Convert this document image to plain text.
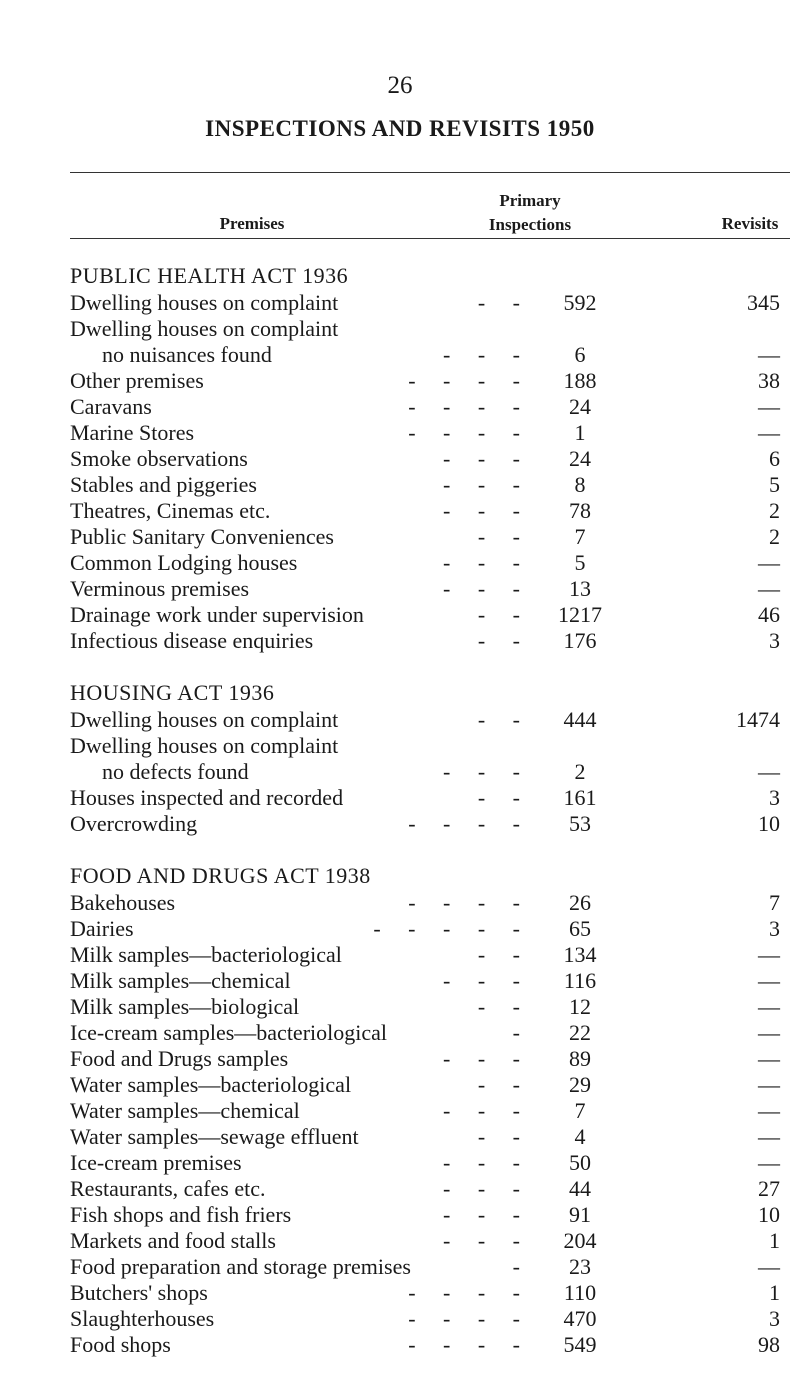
26
INSPECTIONS AND REVISITS 1950
Premises
Primary
Inspections	Revisits
PUBLIC HEALTH ACT 1936
Dwelling houses on complaint	-     -	592	345
Dwelling houses on complaint
no nuisances found	-     -     -	6	—
Other premises	-     -     -     -	188	38
Caravans	-     -     -     -	24	—
Marine Stores	-     -     -     -	1	—
Smoke observations	-     -     -	24	6
Stables and piggeries	-     -     -	8	5
Theatres, Cinemas etc.	-     -     -	78	2
Public Sanitary Conveniences	-     -	7	2
Common Lodging houses	-     -     -	5	—
Verminous premises	-     -     -	13	—
Drainage work under supervision	-     -	1217	46
Infectious disease enquiries	-     -	176	3
HOUSING ACT 1936
Dwelling houses on complaint	-     -	444	1474
Dwelling houses on complaint
no defects found	-     -     -	2	—
Houses inspected and recorded	-     -	161	3
Overcrowding	-     -     -     -	53	10
FOOD AND DRUGS ACT 1938
Bakehouses	-     -     -     -	26	7
Dairies	-     -     -     -     -	65	3
Milk samples—bacteriological	-     -	134	—
Milk samples—chemical	-     -     -	116	—
Milk samples—biological	-     -	12	—
Ice-cream samples—bacteriological	-	22	—
Food and Drugs samples	-     -     -	89	—
Water samples—bacteriological	-     -	29	—
Water samples—chemical	-     -     -	7	—
Water samples—sewage effluent	-     -	4	—
Ice-cream premises	-     -     -	50	—
Restaurants, cafes etc.	-     -     -	44	27
Fish shops and fish friers	-     -     -	91	10
Markets and food stalls	-     -     -	204	1
Food preparation and storage premises	-	23	—
Butchers' shops	-     -     -     -	110	1
Slaughterhouses	-     -     -     -	470	3
Food shops	-     -     -     -	549	98
